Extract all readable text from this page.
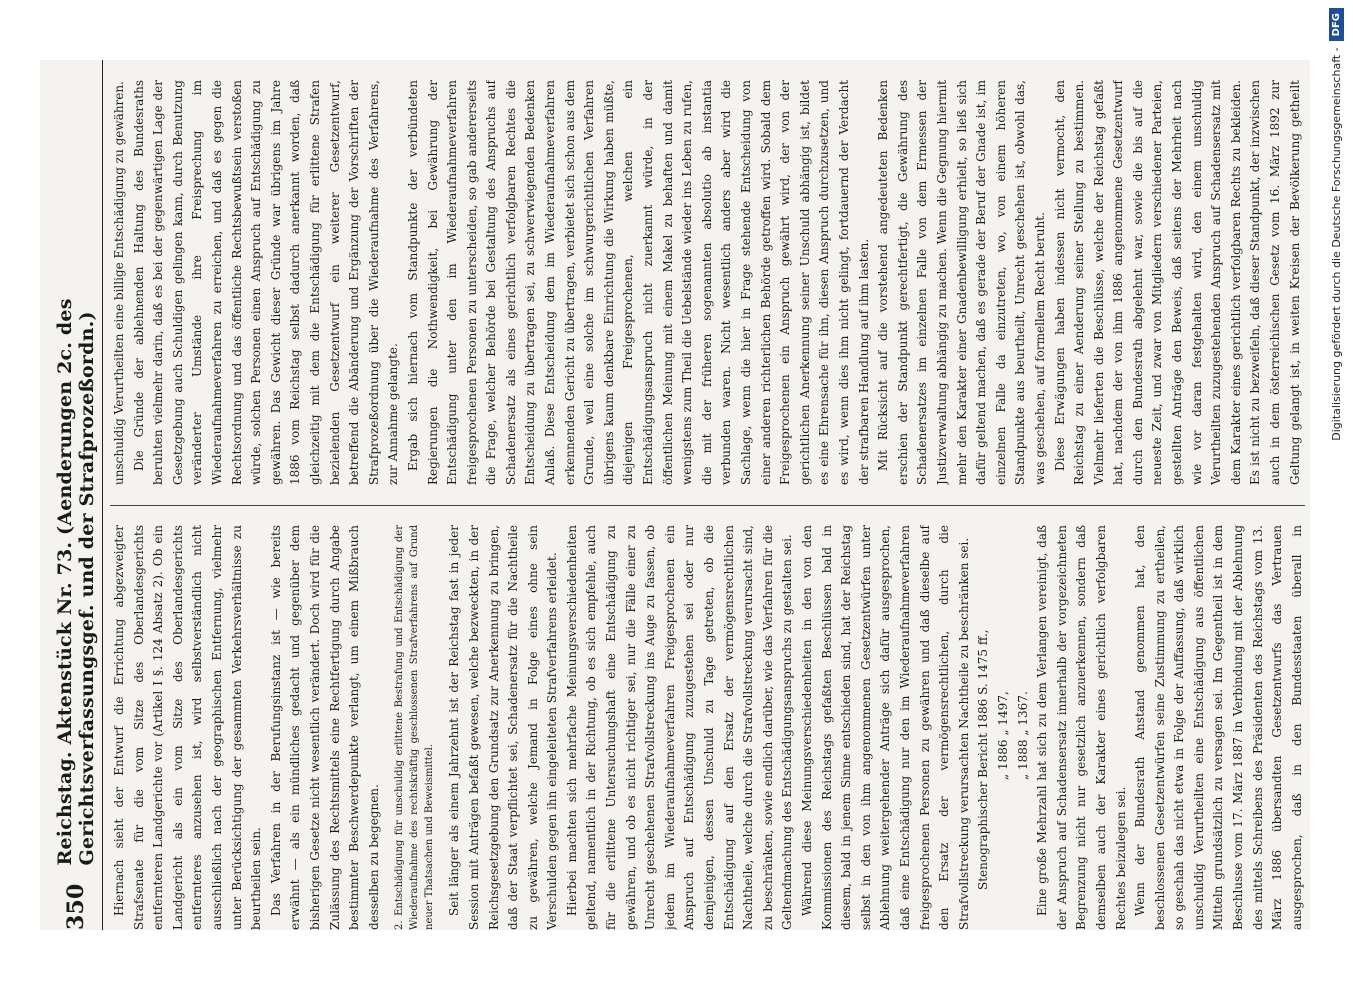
350
Reichstag. Aktenstück Nr. 73. (Aenderungen 2c. des Gerichtsverfassungsgef. und der Strafprozeßordn.) Hiernach sieht der Entwurf die Errichtung abgezweigter Strafsenate für die vom Sitze des Oberlandesgerichts entfernteren Landgerichte vor (Artikel I §. 124 Absatz 2). Ob ein Landgericht als ein vom Sitze des Oberlandesgerichts entfernteres anzusehen ist, wird selbstverständlich nicht ausschließlich nach der geographischen Entfernung, vielmehr unter Berücksichtigung der gesammten Verkehrsverhältnisse zu beurtheilen sein. Das Verfahren in der Berufungsinstanz ist — wie bereits erwähnt — als ein mündliches gedacht und gegenüber dem bisherigen Gesetze nicht wesentlich verändert. Doch wird für die Zulässung des Rechtsmittels eine Rechtfertigung durch Angabe bestimmter Beschwerdepunkte verlangt, um einem Mißbrauch desselben zu begegnen.	2. Entschädigung für unschuldig erlittene Bestrafung und Entschädigung der Wiederaufnahme des rechtskräftig geschlossenen Strafverfahrens auf Grund neuer Thatsachen und Beweismittel. Seit länger als einem Jahrzehnt ist der Reichstag fast in jeder Session mit Anträgen befaßt gewesen, welche bezweckten, in der Reichsgesetzgebung den Grundsatz zur Anerkennung zu bringen, daß der Staat verpflichtet sei, Schadenersatz für die Nachtheile zu gewähren, welche Jemand in Folge eines ohne sein Verschulden gegen ihn eingeleiteten Strafverfahrens erleidet. Hierbei machten sich mehrfache Meinungsverschiedenheiten geltend, namentlich in der Richtung, ob es sich empfehle, auch für die erlittene Untersuchungshaft eine Entschädigung zu gewähren, und ob es nicht richtiger sei, nur die Fälle einer zu Unrecht geschehenen Strafvollstreckung ins Auge zu fassen, ob jedem im Wiederaufnahmeverfahren Freigesprochenen ein Anspruch auf Entschädigung zuzugestehen sei oder nur demjenigen, dessen Unschuld zu Tage getreten, ob die Entschädigung auf den Ersatz der vermögensrechtlichen Nachtheile, welche durch die Strafvollstreckung verursacht sind, zu beschränken, sowie endlich darüber, wie das Verfahren für die Geltendmachung des Entschädigungsanspruchs zu gestalten sei. Während diese Meinungsverschiedenheiten in den von den Kommissionen des Reichstags gefaßten Beschlüssen bald in diesem, bald in jenem Sinne entschieden sind, hat der Reichstag selbst in den von ihm angenommenen Gesetzentwürfen unter Ablehnung weitergehender Anträge sich dafür ausgesprochen, daß eine Entschädigung nur den im Wiederaufnahmeverfahren freigesprochenen Personen zu gewähren und daß dieselbe auf den Ersatz der vermögensrechtlichen, durch die Strafvollstreckung verursachten Nachtheile zu beschränken sei. Stenographischer Bericht 1886 S. 1475 ff., „ 1886 „ 1497, „ 1888 „ 1367. Eine große Mehrzahl hat sich zu dem Verlangen vereinigt, daß der Anspruch auf Schadensersatz innerhalb der vorgezeichneten Begrenzung nicht nur gesetzlich anzuerkennen, sondern daß demselben auch der Karakter eines gerichtlich verfolgbaren Rechtes beizulegen sei. Wenn der Bundesrath Anstand genommen hat, den beschlossenen Gesetzentwürfen seine Zustimmung zu ertheilen, so geschah das nicht etwa in Folge der Auffassung, daß wirklich unschuldig Verurtheilten eine Entschädigung aus öffentlichen Mitteln grundsätzlich zu versagen sei. Im Gegentheil ist in dem Beschlusse vom 17. März 1887 in Verbindung mit der Ablehnung des mittels Schreibens des Präsidenten des Reichstags vom 13. März 1886 übersandten Gesetzentwurfs das Vertrauen ausgesprochen, daß in den Bundesstaaten überall in

unschuldig Verurtheilten eine billige Entschädigung zu gewähren. Die Gründe der ablehnenden Haltung des Bundesraths beruhten vielmehr darin, daß es bei der gegenwärtigen Lage der Gesetzgebung auch Schuldigen gelingen kann, durch Benutzung veränderter Umstände ihre Freisprechung im Wiederaufnahmeverfahren zu erreichen, und daß es gegen die Rechtsordnung und das öffentliche Rechtsbewußtsein verstoßen würde, solchen Personen einen Anspruch auf Entschädigung zu gewähren. Das Gewicht dieser Gründe war übrigens im Jahre 1886 vom Reichstag selbst dadurch anerkannt worden, daß gleichzeitig mit dem die Entschädigung für erlittene Strafen bezielenden Gesetzentwurf ein weiterer Gesetzentwurf, betreffend die Abänderung und Ergänzung der Vorschriften der Strafprozeßordnung über die Wiederaufnahme des Verfahrens, zur Annahme gelangte. Ergab sich hiernach vom Standpunkte der verbündeten Regierungen die Nothwendigkeit, bei Gewährung der Entschädigung unter den im Wiederaufnahmeverfahren freigesprochenen Personen zu unterscheiden, so gab andererseits die Frage, welcher Behörde bei Gestaltung des Anspruchs auf Schadenersatz als eines gerichtlich verfolgbaren Rechtes die Entscheidung zu übertragen sei, zu schwerwiegenden Bedenken Anlaß. Diese Entscheidung dem im Wiederaufnahmeverfahren erkennenden Gericht zu übertragen, verbietet sich schon aus dem Grunde, weil eine solche im schwurgerichtlichen Verfahren übrigens kaum denkbare Einrichtung die Wirkung haben müßte, diejenigen Freigesprochenen, welchen ein Entschädigungsanspruch nicht zuerkannt würde, in der öffentlichen Meinung mit einem Makel zu behaften und damit wenigstens zum Theil die Uebelstände wieder ins Leben zu rufen, die mit der früheren sogenannten absolutio ab instantia verbunden waren. Nicht wesentlich anders aber wird die Sachlage, wenn die hier in Frage stehende Entscheidung von einer anderen richterlichen Behörde getroffen wird. Sobald dem Freigesprochenen ein Anspruch gewährt wird, der von der gerichtlichen Anerkennung seiner Unschuld abhängig ist, bildet es eine Ehrensache für ihn, diesen Anspruch durchzusetzen, und es wird, wenn dies ihm nicht gelingt, fortdauernd der Verdacht der strafbaren Handlung auf ihm lasten. Mit Rücksicht auf die vorstehend angedeuteten Bedenken erschien der Standpunkt gerechtfertigt, die Gewährung des Schadenersatzes im einzelnen Falle von dem Ermessen der Justizverwaltung abhängig zu machen. Wenn die Gegnung hiermit mehr den Karakter einer Gnadenbewilligung erhielt, so ließ sich dafür geltend machen, daß es gerade der Beruf der Gnade ist, im einzelnen Falle da einzutreten, wo, von einem höheren Standpunkte aus beurtheilt, Unrecht geschehen ist, obwohl das, was geschehen, auf formellem Recht beruht. Diese Erwägungen haben indessen nicht vermocht, den Reichstag zu einer Aenderung seiner Stellung zu bestimmen. Vielmehr lieferten die Beschlüsse, welche der Reichstag gefaßt hat, nachdem der von ihm 1886 angenommene Gesetzentwurf durch den Bundesrath abgelehnt war, sowie die bis auf die neueste Zeit, und zwar von Mitgliedern verschiedener Parteien, gestellten Anträge den Beweis, daß seitens der Mehrheit nach wie vor daran festgehalten wird, den einem unschuldig Verurtheilten zuzugestehenden Anspruch auf Schadensersatz mit dem Karakter eines gerichtlich verfolgbaren Rechts zu bekleiden. Es ist nicht zu bezweifeln, daß dieser Standpunkt, der inzwischen auch in dem österreichischen Gesetz vom 16. März 1892 zur Geltung gelangt ist, in weiten Kreisen der Bevölkerung getheilt	Digitalisierung gefördert durch die Deutsche Forschungsgemeinschaft -
DFG
